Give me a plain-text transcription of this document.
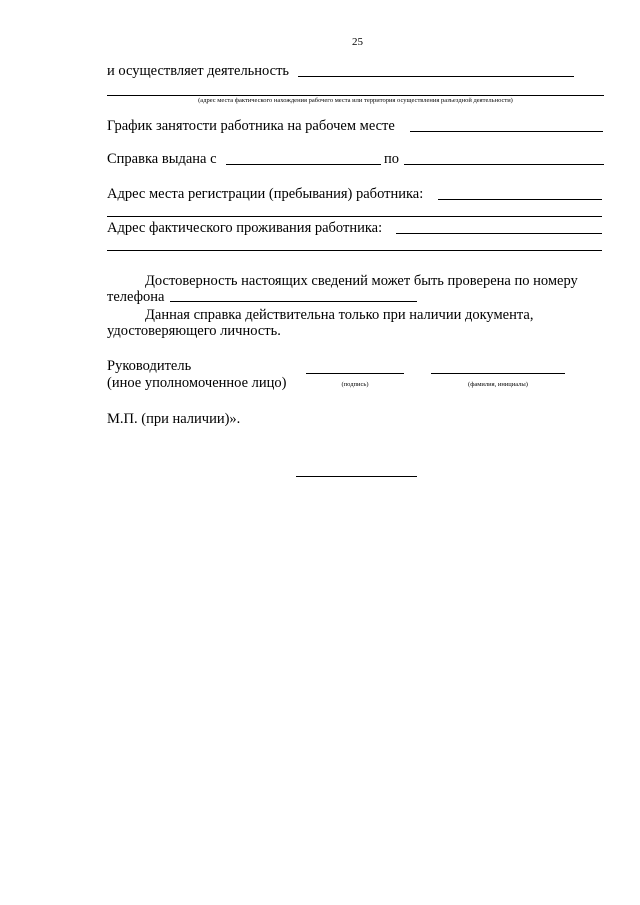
25
и осуществляет деятельность
(адрес места фактического нахождения рабочего места или территория осуществления разъездной деятельности)
График занятости работника на рабочем месте
Справка выдана с	по
Адрес места регистрации (пребывания) работника:
Адрес фактического проживания работника:
Достоверность настоящих сведений может быть проверена по номеру
телефона
Данная справка действительна только при наличии документа,
удостоверяющего личность.
Руководитель
(иное уполномоченное лицо)	(подпись)	(фамилия, инициалы)
М.П. (при наличии)».
